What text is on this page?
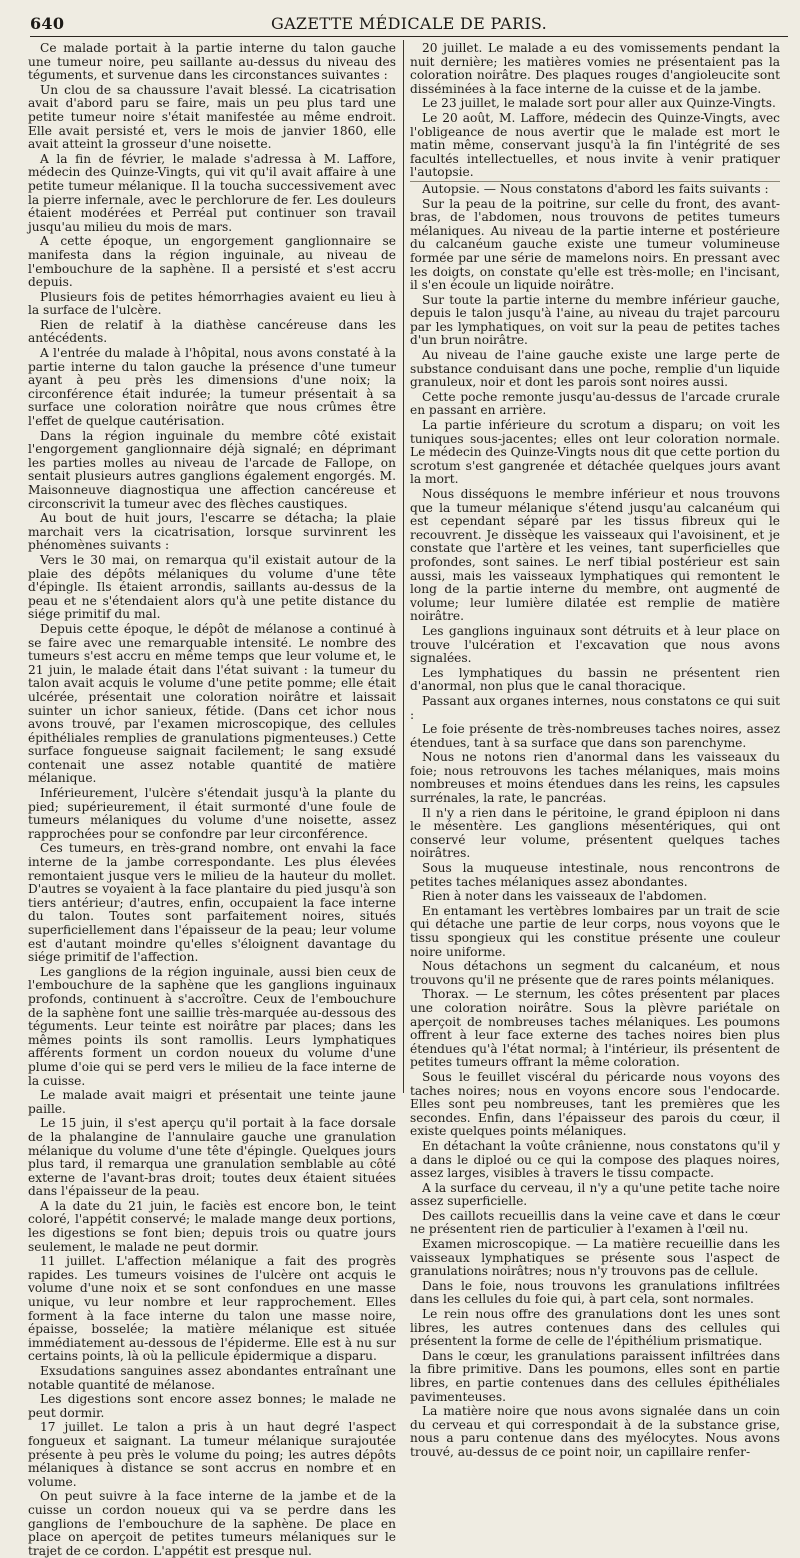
640	GAZETTE MÉDICALE DE PARIS.

Ce malade portait à la partie interne du talon gauche une tumeur noire, peu saillante au-dessus du niveau des téguments, et survenue dans les circonstances suivantes :

Un clou de sa chaussure l'avait blessé. La cicatrisation avait d'abord paru se faire, mais un peu plus tard une petite tumeur noire s'était manifestée au même endroit. Elle avait persisté et, vers le mois de janvier 1860, elle avait atteint la grosseur d'une noisette.

A la fin de février, le malade s'adressa à M. Laffore, médecin des Quinze-Vingts, qui vit qu'il avait affaire à une petite tumeur mélanique. Il la toucha successivement avec la pierre infernale, avec le perchlorure de fer. Les douleurs étaient modérées et Perréal put continuer son travail jusqu'au milieu du mois de mars.

A cette époque, un engorgement ganglionnaire se manifesta dans la région inguinale, au niveau de l'embouchure de la saphène. Il a persisté et s'est accru depuis.

Plusieurs fois de petites hémorrhagies avaient eu lieu à la surface de l'ulcère.

Rien de relatif à la diathèse cancéreuse dans les antécédents.

A l'entrée du malade à l'hôpital, nous avons constaté à la partie interne du talon gauche la présence d'une tumeur ayant à peu près les dimensions d'une noix; la circonférence était indurée; la tumeur présentait à sa surface une coloration noirâtre que nous crûmes être l'effet de quelque cautérisation.

Dans la région inguinale du membre côté existait l'engorgement ganglionnaire déjà signalé; en déprimant les parties molles au niveau de l'arcade de Fallope, on sentait plusieurs autres ganglions également engorgés. M. Maisonneuve diagnostiqua une affection cancéreuse et circonscrivit la tumeur avec des flèches caustiques.

Au bout de huit jours, l'escarre se détacha; la plaie marchait vers la cicatrisation, lorsque survinrent les phénomènes suivants :

Vers le 30 mai, on remarqua qu'il existait autour de la plaie des dépôts mélaniques du volume d'une tête d'épingle. Ils étaient arrondis, saillants au-dessus de la peau et ne s'étendaient alors qu'à une petite distance du siége primitif du mal.

Depuis cette époque, le dépôt de mélanose a continué à se faire avec une remarquable intensité. Le nombre des tumeurs s'est accru en même temps que leur volume et, le 21 juin, le malade était dans l'état suivant : la tumeur du talon avait acquis le volume d'une petite pomme; elle était ulcérée, présentait une coloration noirâtre et laissait suinter un ichor sanieux, fétide. (Dans cet ichor nous avons trouvé, par l'examen microscopique, des cellules épithéliales remplies de granulations pigmenteuses.) Cette surface fongueuse saignait facilement; le sang exsudé contenait une assez notable quantité de matière mélanique.

Inférieurement, l'ulcère s'étendait jusqu'à la plante du pied; supérieurement, il était surmonté d'une foule de tumeurs mélaniques du volume d'une noisette, assez rapprochées pour se confondre par leur circonférence.

Ces tumeurs, en très-grand nombre, ont envahi la face interne de la jambe correspondante. Les plus élevées remontaient jusque vers le milieu de la hauteur du mollet. D'autres se voyaient à la face plantaire du pied jusqu'à son tiers antérieur; d'autres, enfin, occupaient la face interne du talon. Toutes sont parfaitement noires, situés superficiellement dans l'épaisseur de la peau; leur volume est d'autant moindre qu'elles s'éloignent davantage du siége primitif de l'affection.

Les ganglions de la région inguinale, aussi bien ceux de l'embouchure de la saphène que les ganglions inguinaux profonds, continuent à s'accroître. Ceux de l'embouchure de la saphène font une saillie très-marquée au-dessous des téguments. Leur teinte est noirâtre par places; dans les mêmes points ils sont ramollis. Leurs lymphatiques afférents forment un cordon noueux du volume d'une plume d'oie qui se perd vers le milieu de la face interne de la cuisse.

Le malade avait maigri et présentait une teinte jaune paille.

Le 15 juin, il s'est aperçu qu'il portait à la face dorsale de la phalangine de l'annulaire gauche une granulation mélanique du volume d'une tête d'épingle. Quelques jours plus tard, il remarqua une granulation semblable au côté externe de l'avant-bras droit; toutes deux étaient situées dans l'épaisseur de la peau.

A la date du 21 juin, le faciès est encore bon, le teint coloré, l'appétit conservé; le malade mange deux portions, les digestions se font bien; depuis trois ou quatre jours seulement, le malade ne peut dormir.

11 juillet. L'affection mélanique a fait des progrès rapides. Les tumeurs voisines de l'ulcère ont acquis le volume d'une noix et se sont confondues en une masse unique, vu leur nombre et leur rapprochement. Elles forment à la face interne du talon une masse noire, épaisse, bosselée; la matière mélanique est située immédiatement au-dessous de l'épiderme. Elle est à nu sur certains points, là où la pellicule épidermique a disparu.

Exsudations sanguines assez abondantes entraînant une notable quantité de mélanose.

Les digestions sont encore assez bonnes; le malade ne peut dormir.

17 juillet. Le talon a pris à un haut degré l'aspect fongueux et saignant. La tumeur mélanique surajoutée présente à peu près le volume du poing; les autres dépôts mélaniques à distance se sont accrus en nombre et en volume.

On peut suivre à la face interne de la jambe et de la cuisse un cordon noueux qui va se perdre dans les ganglions de l'embouchure de la saphène. De place en place on aperçoit de petites tumeurs mélaniques sur le trajet de ce cordon. L'appétit est presque nul.

20 juillet. Le malade a eu des vomissements pendant la nuit dernière; les matières vomies ne présentaient pas la coloration noirâtre. Des plaques rouges d'angioleucite sont disséminées à la face interne de la cuisse et de la jambe.

Le 23 juillet, le malade sort pour aller aux Quinze-Vingts.

Le 20 août, M. Laffore, médecin des Quinze-Vingts, avec l'obligeance de nous avertir que le malade est mort le matin même, conservant jusqu'à la fin l'intégrité de ses facultés intellectuelles, et nous invite à venir pratiquer l'autopsie.

Autopsie. — Nous constatons d'abord les faits suivants :

Sur la peau de la poitrine, sur celle du front, des avant-bras, de l'abdomen, nous trouvons de petites tumeurs mélaniques. Au niveau de la partie interne et postérieure du calcanéum gauche existe une tumeur volumineuse formée par une série de mamelons noirs. En pressant avec les doigts, on constate qu'elle est très-molle; en l'incisant, il s'en écoule un liquide noirâtre.

Sur toute la partie interne du membre inférieur gauche, depuis le talon jusqu'à l'aine, au niveau du trajet parcouru par les lymphatiques, on voit sur la peau de petites taches d'un brun noirâtre.

Au niveau de l'aine gauche existe une large perte de substance conduisant dans une poche, remplie d'un liquide granuleux, noir et dont les parois sont noires aussi.

Cette poche remonte jusqu'au-dessus de l'arcade crurale en passant en arrière.

La partie inférieure du scrotum a disparu; on voit les tuniques sous-jacentes; elles ont leur coloration normale. Le médecin des Quinze-Vingts nous dit que cette portion du scrotum s'est gangrenée et détachée quelques jours avant la mort.

Nous disséquons le membre inférieur et nous trouvons que la tumeur mélanique s'étend jusqu'au calcanéum qui est cependant séparé par les tissus fibreux qui le recouvrent. Je dissèque les vaisseaux qui l'avoisinent, et je constate que l'artère et les veines, tant superficielles que profondes, sont saines. Le nerf tibial postérieur est sain aussi, mais les vaisseaux lymphatiques qui remontent le long de la partie interne du membre, ont augmenté de volume; leur lumière dilatée est remplie de matière noirâtre.

Les ganglions inguinaux sont détruits et à leur place on trouve l'ulcération et l'excavation que nous avons signalées.

Les lymphatiques du bassin ne présentent rien d'anormal, non plus que le canal thoracique.

Passant aux organes internes, nous constatons ce qui suit :

Le foie présente de très-nombreuses taches noires, assez étendues, tant à sa surface que dans son parenchyme.

Nous ne notons rien d'anormal dans les vaisseaux du foie; nous retrouvons les taches mélaniques, mais moins nombreuses et moins étendues dans les reins, les capsules surrénales, la rate, le pancréas.

Il n'y a rien dans le péritoine, le grand épiploon ni dans le mésentère. Les ganglions mésentériques, qui ont conservé leur volume, présentent quelques taches noirâtres.

Sous la muqueuse intestinale, nous rencontrons de petites taches mélaniques assez abondantes.

Rien à noter dans les vaisseaux de l'abdomen.

En entamant les vertèbres lombaires par un trait de scie qui détache une partie de leur corps, nous voyons que le tissu spongieux qui les constitue présente une couleur noire uniforme.

Nous détachons un segment du calcanéum, et nous trouvons qu'il ne présente que de rares points mélaniques.

Thorax. — Le sternum, les côtes présentent par places une coloration noirâtre. Sous la plèvre pariétale on aperçoit de nombreuses taches mélaniques. Les poumons offrent à leur face externe des taches noires bien plus étendues qu'à l'état normal; à l'intérieur, ils présentent de petites tumeurs offrant la même coloration.

Sous le feuillet viscéral du péricarde nous voyons des taches noires; nous en voyons encore sous l'endocarde. Elles sont peu nombreuses, tant les premières que les secondes. Enfin, dans l'épaisseur des parois du cœur, il existe quelques points mélaniques.

En détachant la voûte crânienne, nous constatons qu'il y a dans le diploé ou ce qui la compose des plaques noires, assez larges, visibles à travers le tissu compacte.

A la surface du cerveau, il n'y a qu'une petite tache noire assez superficielle.

Des caillots recueillis dans la veine cave et dans le cœur ne présentent rien de particulier à l'examen à l'œil nu.

Examen microscopique. — La matière recueillie dans les vaisseaux lymphatiques se présente sous l'aspect de granulations noirâtres; nous n'y trouvons pas de cellule.

Dans le foie, nous trouvons les granulations infiltrées dans les cellules du foie qui, à part cela, sont normales.

Le rein nous offre des granulations dont les unes sont libres, les autres contenues dans des cellules qui présentent la forme de celle de l'épithélium prismatique.

Dans le cœur, les granulations paraissent infiltrées dans la fibre primitive. Dans les poumons, elles sont en partie libres, en partie contenues dans des cellules épithéliales pavimenteuses.

La matière noire que nous avons signalée dans un coin du cerveau et qui correspondait à de la substance grise, nous a paru contenue dans des myélocytes. Nous avons trouvé, au-dessus de ce point noir, un capillaire renfer-
